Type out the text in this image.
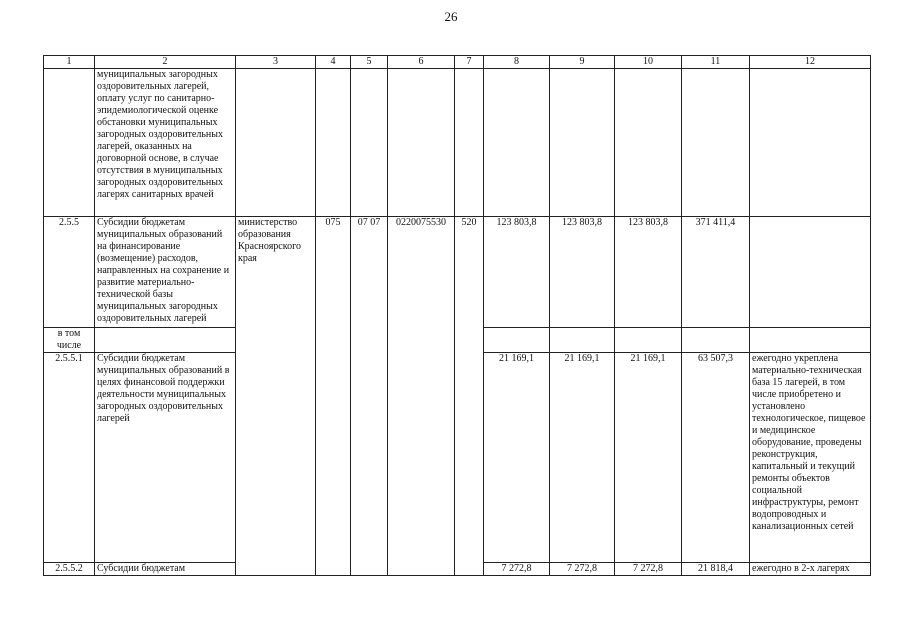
26
1	2	3	4	5	6	7	8	9	10	11	12
	муниципальных загородных оздоровительных лагерей, оплату услуг по санитарно-эпидемиологической оценке обстановки муниципальных загородных оздоровительных лагерей, оказанных на договорной основе, в случае отсутствия в муниципальных загородных оздоровительных лагерях санитарных врачей										
2.5.5	Субсидии бюджетам муниципальных образований на финансирование (возмещение) расходов, направленных на сохранение и развитие материально-технической базы муниципальных загородных оздоровительных лагерей	министерство образования Красноярского края	075	07 07	0220075530	520	123 803,8	123 803,8	123 803,8	371 411,4	
в том числе											
2.5.5.1	Субсидии бюджетам муниципальных образований в целях финансовой поддержки деятельности муниципальных загородных оздоровительных лагерей						21 169,1	21 169,1	21 169,1	63 507,3	ежегодно укреплена материально-техническая база 15 лагерей, в том числе приобретено и установлено технологическое, пищевое и медицинское оборудование, проведены реконструкция, капитальный и текущий ремонты объектов социальной инфраструктуры, ремонт водопроводных и канализационных сетей
2.5.5.2	Субсидии бюджетам						7 272,8	7 272,8	7 272,8	21 818,4	ежегодно в 2-х лагерях
